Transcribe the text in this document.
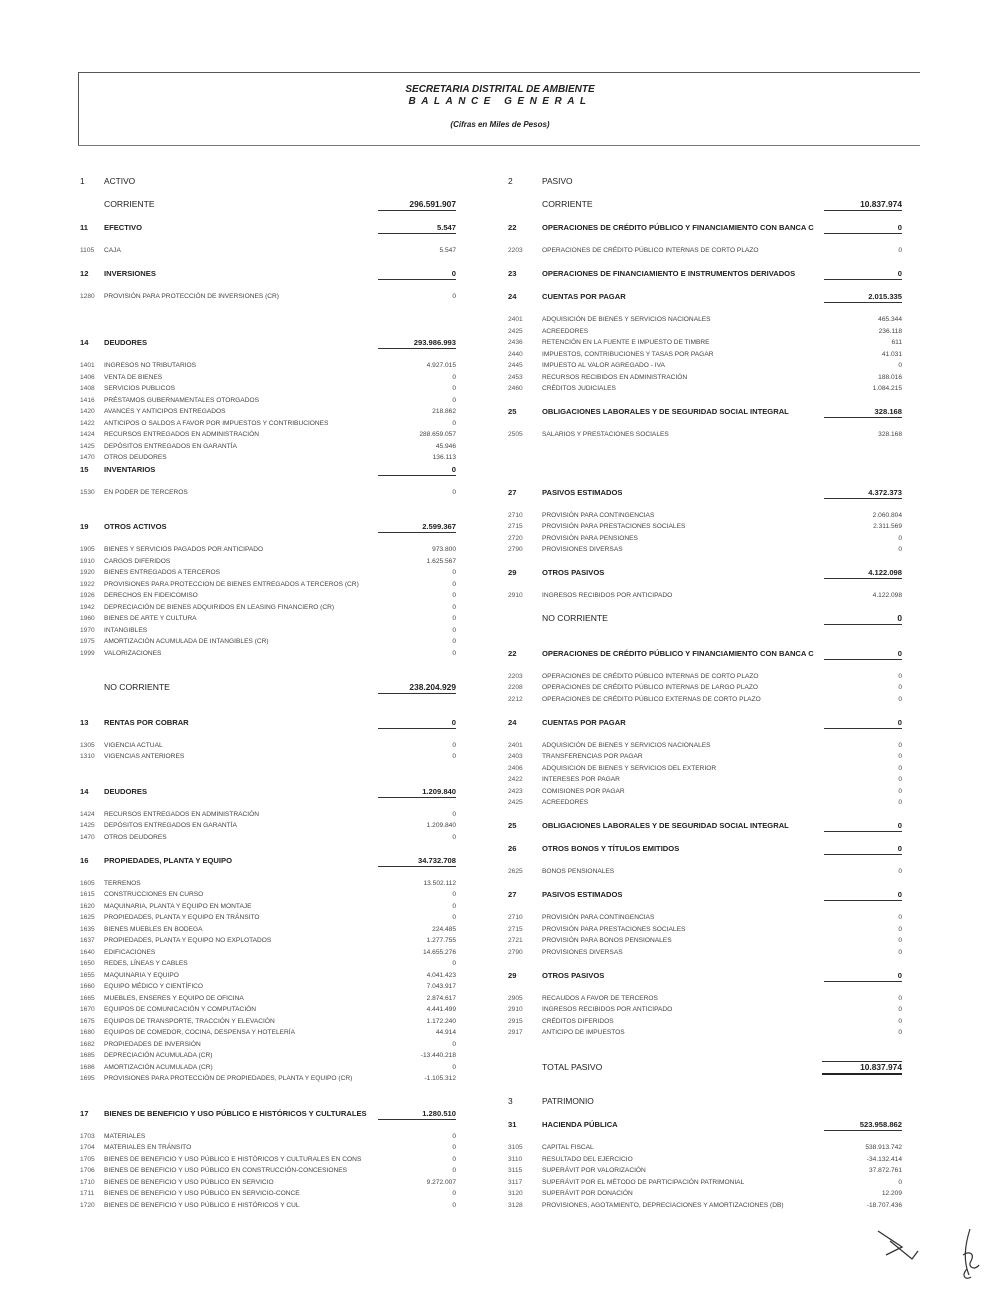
SECRETARIA DISTRITAL DE AMBIENTE
BALANCE GENERAL
(Cifras en Miles de Pesos)
1 ACTIVO
CORRIENTE	296.591.907
11 EFECTIVO	5.547
1105 CAJA	5.547
12 INVERSIONES	0
1280 PROVISIÓN PARA PROTECCIÓN DE INVERSIONES (CR)	0
14 DEUDORES	293.986.993
1401 INGRESOS NO TRIBUTARIOS	4.927.015
1406 VENTA DE BIENES	0
1408 SERVICIOS PUBLICOS	0
1416 PRÉSTAMOS GUBERNAMENTALES OTORGADOS	0
1420 AVANCES Y ANTICIPOS ENTREGADOS	218.862
1422 ANTICIPOS O SALDOS A FAVOR POR IMPUESTOS Y CONTRIBUCIONES	0
1424 RECURSOS ENTREGADOS EN ADMINISTRACIÓN	288.659.057
1425 DEPÓSITOS ENTREGADOS EN GARANTÍA	45.946
1470 OTROS DEUDORES	136.113
15 INVENTARIOS	0
1530 EN PODER DE TERCEROS	0
19 OTROS ACTIVOS	2.599.367
1905 BIENES Y SERVICIOS PAGADOS POR ANTICIPADO	973.800
1910 CARGOS DIFERIDOS	1.625.567
1920 BIENES ENTREGADOS A TERCEROS	0
1922 PROVISIONES PARA PROTECCION DE BIENES ENTREGADOS A TERCEROS (CR)	0
1926 DERECHOS EN FIDEICOMISO	0
1942 DEPRECIACIÓN DE BIENES ADQUIRIDOS EN LEASING FINANCIERO (CR)	0
1960 BIENES DE ARTE Y CULTURA	0
1970 INTANGIBLES	0
1975 AMORTIZACIÓN ACUMULADA DE INTANGIBLES (CR)	0
1999 VALORIZACIONES	0
NO CORRIENTE	238.204.929
13 RENTAS POR COBRAR	0
1305 VIGENCIA ACTUAL	0
1310 VIGENCIAS ANTERIORES	0
14 DEUDORES	1.209.840
1424 RECURSOS ENTREGADOS EN ADMINISTRACIÓN	0
1425 DEPÓSITOS ENTREGADOS EN GARANTÍA	1.209.840
1470 OTROS DEUDORES	0
16 PROPIEDADES, PLANTA Y EQUIPO	34.732.708
1605 TERRENOS	13.502.112
1615 CONSTRUCCIONES EN CURSO	0
1620 MAQUINARIA, PLANTA Y EQUIPO EN MONTAJE	0
1625 PROPIEDADES, PLANTA Y EQUIPO EN TRÁNSITO	0
1635 BIENES MUEBLES EN BODEGA	224.485
1637 PROPIEDADES, PLANTA Y EQUIPO NO EXPLOTADOS	1.277.755
1640 EDIFICACIONES	14.655.276
1650 REDES, LÍNEAS Y CABLES	0
1655 MAQUINARIA Y EQUIPO	4.041.423
1660 EQUIPO MÉDICO Y CIENTÍFICO	7.043.917
1665 MUEBLES, ENSERES Y EQUIPO DE OFICINA	2.874.617
1670 EQUIPOS DE COMUNICACIÓN Y COMPUTACIÓN	4.441.499
1675 EQUIPOS DE TRANSPORTE, TRACCIÓN Y ELEVACIÓN	1.172.240
1680 EQUIPOS DE COMEDOR, COCINA, DESPENSA Y HOTELERÍA	44.914
1682 PROPIEDADES DE INVERSIÓN	0
1685 DEPRECIACIÓN ACUMULADA (CR)	-13.440.218
1686 AMORTIZACIÓN ACUMULADA (CR)	0
1695 PROVISIONES PARA PROTECCIÓN DE PROPIEDADES, PLANTA Y EQUIPO (CR)	-1.105.312
17 BIENES DE BENEFICIO Y USO PÚBLICO E HISTÓRICOS Y CULTURALES	1.280.510
1703 MATERIALES	0
1704 MATERIALES EN TRÁNSITO	0
1705 BIENES DE BENEFICIO Y USO PÚBLICO E HISTÓRICOS Y CULTURALES EN CONS	0
1706 BIENES DE BENEFICIO Y USO PÚBLICO EN CONSTRUCCIÓN-CONCESIONES	0
1710 BIENES DE BENEFICIO Y USO PÚBLICO EN SERVICIO	9.272.007
1711 BIENES DE BENEFICIO Y USO PÚBLICO EN SERVICIO-CONCE	0
1720 BIENES DE BENEFICIO Y USO PÚBLICO E HISTÓRICOS Y CUL	0
2	PASIVO
CORRIENTE	10.837.974
22	OPERACIONES DE CRÉDITO PÚBLICO Y FINANCIAMIENTO CON BANCA C	0
2203	OPERACIONES DE CRÉDITO PÚBLICO INTERNAS DE CORTO PLAZO	0
23	OPERACIONES DE FINANCIAMIENTO E INSTRUMENTOS DERIVADOS	0
24	CUENTAS POR PAGAR	2.015.335
2401	ADQUISICIÓN DE BIENES Y SERVICIOS NACIONALES	465.344
2425	ACREEDORES	236.118
2436	RETENCIÓN EN LA FUENTE E IMPUESTO DE TIMBRE	611
2440	IMPUESTOS, CONTRIBUCIONES Y TASAS POR PAGAR	41.031
2445	IMPUESTO AL VALOR AGREGADO - IVA	0
2453	RECURSOS RECIBIDOS EN ADMINISTRACIÓN	188.016
2460	CRÉDITOS JUDICIALES	1.084.215
25	OBLIGACIONES LABORALES Y DE SEGURIDAD SOCIAL INTEGRAL	328.168
2505	SALARIOS Y PRESTACIONES SOCIALES	328.168
27	PASIVOS ESTIMADOS	4.372.373
2710	PROVISIÓN PARA CONTINGENCIAS	2.060.804
2715	PROVISIÓN PARA PRESTACIONES SOCIALES	2.311.569
2720	PROVISIÓN PARA PENSIONES	0
2790	PROVISIONES DIVERSAS	0
29	OTROS PASIVOS	4.122.098
2910	INGRESOS RECIBIDOS POR ANTICIPADO	4.122.098
NO CORRIENTE	0
22	OPERACIONES DE CRÉDITO PÚBLICO Y FINANCIAMIENTO CON BANCA C	0
2203	OPERACIONES DE CRÉDITO PÚBLICO INTERNAS DE CORTO PLAZO	0
2208	OPERACIONES DE CRÉDITO PÚBLICO INTERNAS DE LARGO PLAZO	0
2212	OPERACIONES DE CRÉDITO PÚBLICO EXTERNAS DE CORTO PLAZO	0
24	CUENTAS POR PAGAR	0
2401	ADQUISICIÓN DE BIENES Y SERVICIOS NACIONALES	0
2403	TRANSFERENCIAS POR PAGAR	0
2406	ADQUISICION DE BIENES Y SERVICIOS DEL EXTERIOR	0
2422	INTERESES POR PAGAR	0
2423	COMISIONES POR PAGAR	0
2425	ACREEDORES	0
25	OBLIGACIONES LABORALES Y DE SEGURIDAD SOCIAL INTEGRAL	0
26	OTROS BONOS Y TÍTULOS EMITIDOS	0
2625	BONOS PENSIONALES	0
27	PASIVOS ESTIMADOS	0
2710	PROVISIÓN PARA CONTINGENCIAS	0
2715	PROVISIÓN PARA PRESTACIONES SOCIALES	0
2721	PROVISIÓN PARA BONOS PENSIONALES	0
2790	PROVISIONES DIVERSAS	0
29	OTROS PASIVOS	0
2905	RECAUDOS A FAVOR DE TERCEROS	0
2910	INGRESOS RECIBIDOS POR ANTICIPADO	0
2915	CRÉDITOS DIFERIDOS	0
2917	ANTICIPO DE IMPUESTOS	0
TOTAL PASIVO	10.837.974
3	PATRIMONIO
31	HACIENDA PÚBLICA	523.958.862
3105	CAPITAL FISCAL	538.913.742
3110	RESULTADO DEL EJERCICIO	-34.132.414
3115	SUPERÁVIT POR VALORIZACIÓN	37.872.761
3117	SUPERÁVIT POR EL MÉTODO DE PARTICIPACIÓN PATRIMONIAL	0
3120	SUPERÁVIT POR DONACIÓN	12.209
3128	PROVISIONES, AGOTAMIENTO, DEPRECIACIONES Y AMORTIZACIONES (DB)	-18.707.436
